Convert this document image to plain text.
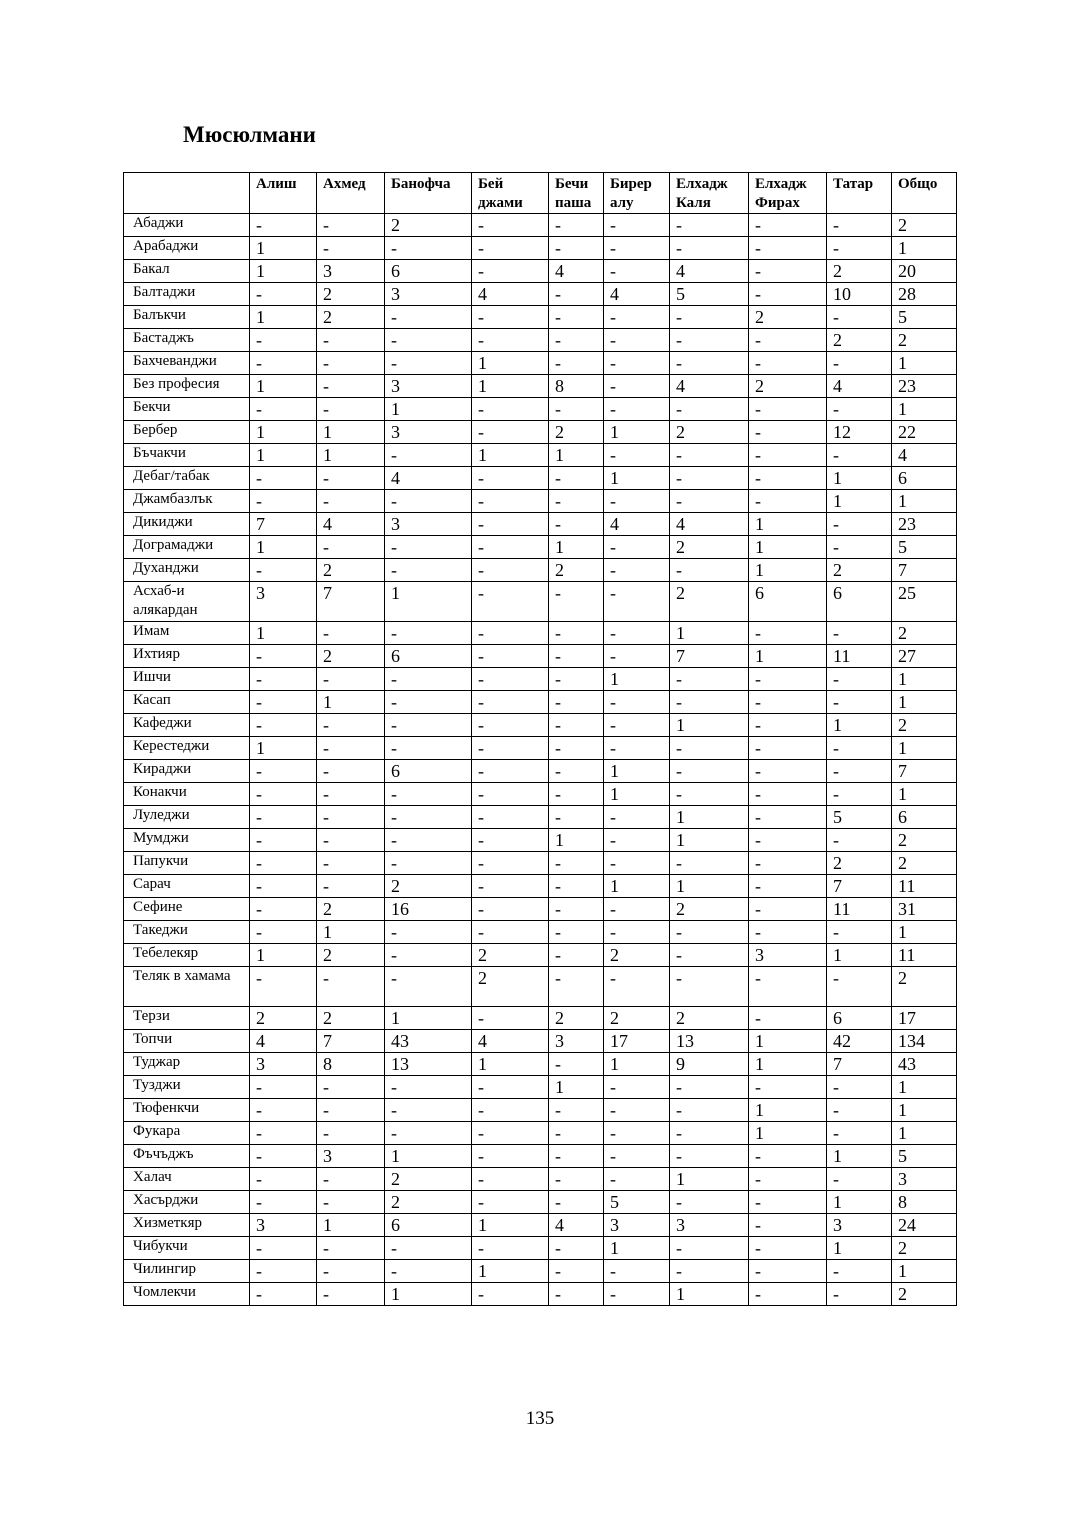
Мюсюлмани
	Алиш	Ахмед	Банофча	Бей джами	Бечи паша	Бирер алу	Елхадж Каля	Елхадж Фирах	Татар	Общо
Абаджи	-	-	2	-	-	-	-	-	-	2
Арабаджи	1	-	-	-	-	-	-	-	-	1
Бакал	1	3	6	-	4	-	4	-	2	20
Балтаджи	-	2	3	4	-	4	5	-	10	28
Балъкчи	1	2	-	-	-	-	-	2	-	5
Бастаджъ	-	-	-	-	-	-	-	-	2	2
Бахчеванджи	-	-	-	1	-	-	-	-	-	1
Без професия	1	-	3	1	8	-	4	2	4	23
Бекчи	-	-	1	-	-	-	-	-	-	1
Бербер	1	1	3	-	2	1	2	-	12	22
Бъчакчи	1	1	-	1	1	-	-	-	-	4
Дебаг/табак	-	-	4	-	-	1	-	-	1	6
Джамбазлък	-	-	-	-	-	-	-	-	1	1
Дикиджи	7	4	3	-	-	4	4	1	-	23
Дограмаджи	1	-	-	-	1	-	2	1	-	5
Духанджи	-	2	-	-	2	-	-	1	2	7
Асхаб-и алякардан	3	7	1	-	-	-	2	6	6	25
Имам	1	-	-	-	-	-	1	-	-	2
Ихтияр	-	2	6	-	-	-	7	1	11	27
Ишчи	-	-	-	-	-	1	-	-	-	1
Касап	-	1	-	-	-	-	-	-	-	1
Кафеджи	-	-	-	-	-	-	1	-	1	2
Керестеджи	1	-	-	-	-	-	-	-	-	1
Кираджи	-	-	6	-	-	1	-	-	-	7
Конакчи	-	-	-	-	-	1	-	-	-	1
Луледжи	-	-	-	-	-	-	1	-	5	6
Мумджи	-	-	-	-	1	-	1	-	-	2
Папукчи	-	-	-	-	-	-	-	-	2	2
Сарач	-	-	2	-	-	1	1	-	7	11
Сефине	-	2	16	-	-	-	2	-	11	31
Такеджи	-	1	-	-	-	-	-	-	-	1
Тебелекяр	1	2	-	2	-	2	-	3	1	11
Теляк в хамама	-	-	-	2	-	-	-	-	-	2
Терзи	2	2	1	-	2	2	2	-	6	17
Топчи	4	7	43	4	3	17	13	1	42	134
Туджар	3	8	13	1	-	1	9	1	7	43
Тузджи	-	-	-	-	1	-	-	-	-	1
Тюфенкчи	-	-	-	-	-	-	-	1	-	1
Фукара	-	-	-	-	-	-	-	1	-	1
Фъчъджъ	-	3	1	-	-	-	-	-	1	5
Халач	-	-	2	-	-	-	1	-	-	3
Хасърджи	-	-	2	-	-	5	-	-	1	8
Хизметкяр	3	1	6	1	4	3	3	-	3	24
Чибукчи	-	-	-	-	-	1	-	-	1	2
Чилингир	-	-	-	1	-	-	-	-	-	1
Чомлекчи	-	-	1	-	-	-	1	-	-	2
135
